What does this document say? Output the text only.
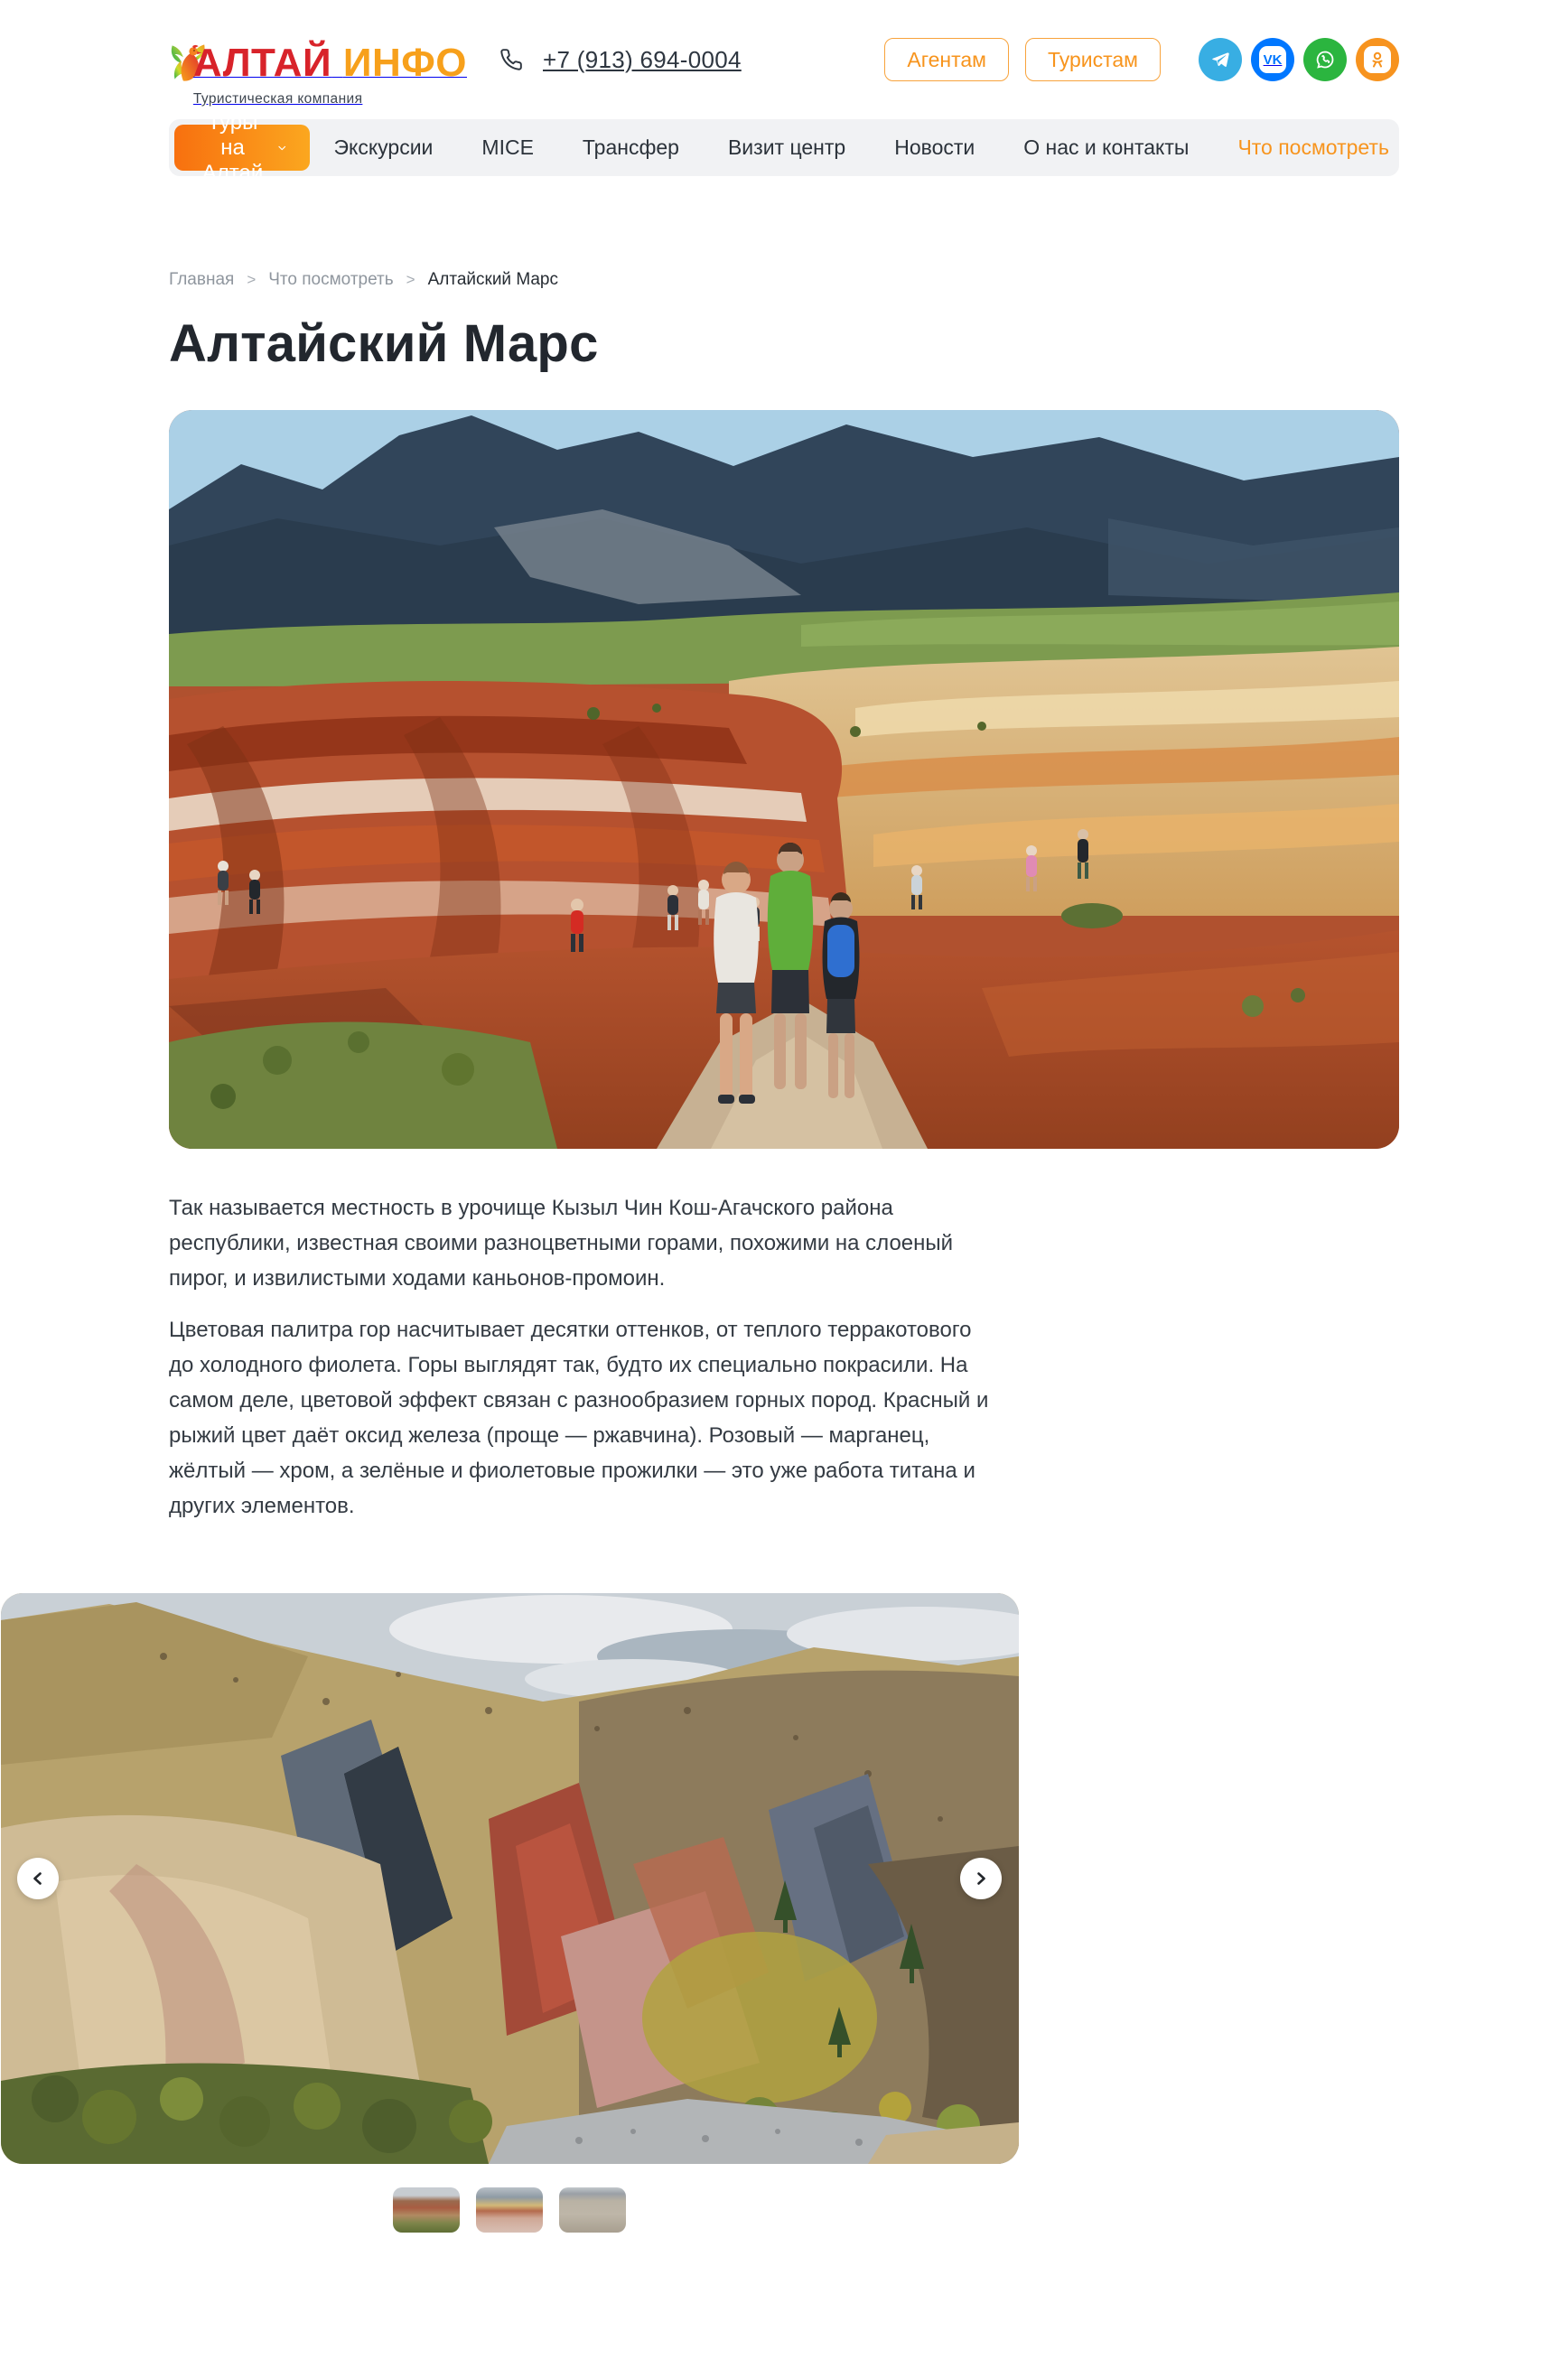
АЛТАЙ ИНФО
Туристическая компания
+7 (913) 694-0004	Агентам	Туристам	VK
Туры на Алтай
Экскурсии	MICE	Трансфер	Визит центр	Новости	О нас и контакты	Что посмотреть
Главная > Что посмотреть > Алтайский Марс
Алтайский Марс

Так называется местность в урочище Кызыл Чин Кош-Агачского района республики, известная своими разноцветными горами, похожими на слоеный пирог, и извилистыми ходами каньонов-промоин.

Цветовая палитра гор насчитывает десятки оттенков, от теплого терракотового до холодного фиолета. Горы выглядят так, будто их специально покрасили. На самом деле, цветовой эффект связан с разнообразием горных пород. Красный и рыжий цвет даёт оксид железа (проще — ржавчина). Розовый — марганец, жёлтый — хром, а зелёные и фиолетовые прожилки — это уже работа титана и других элементов.
